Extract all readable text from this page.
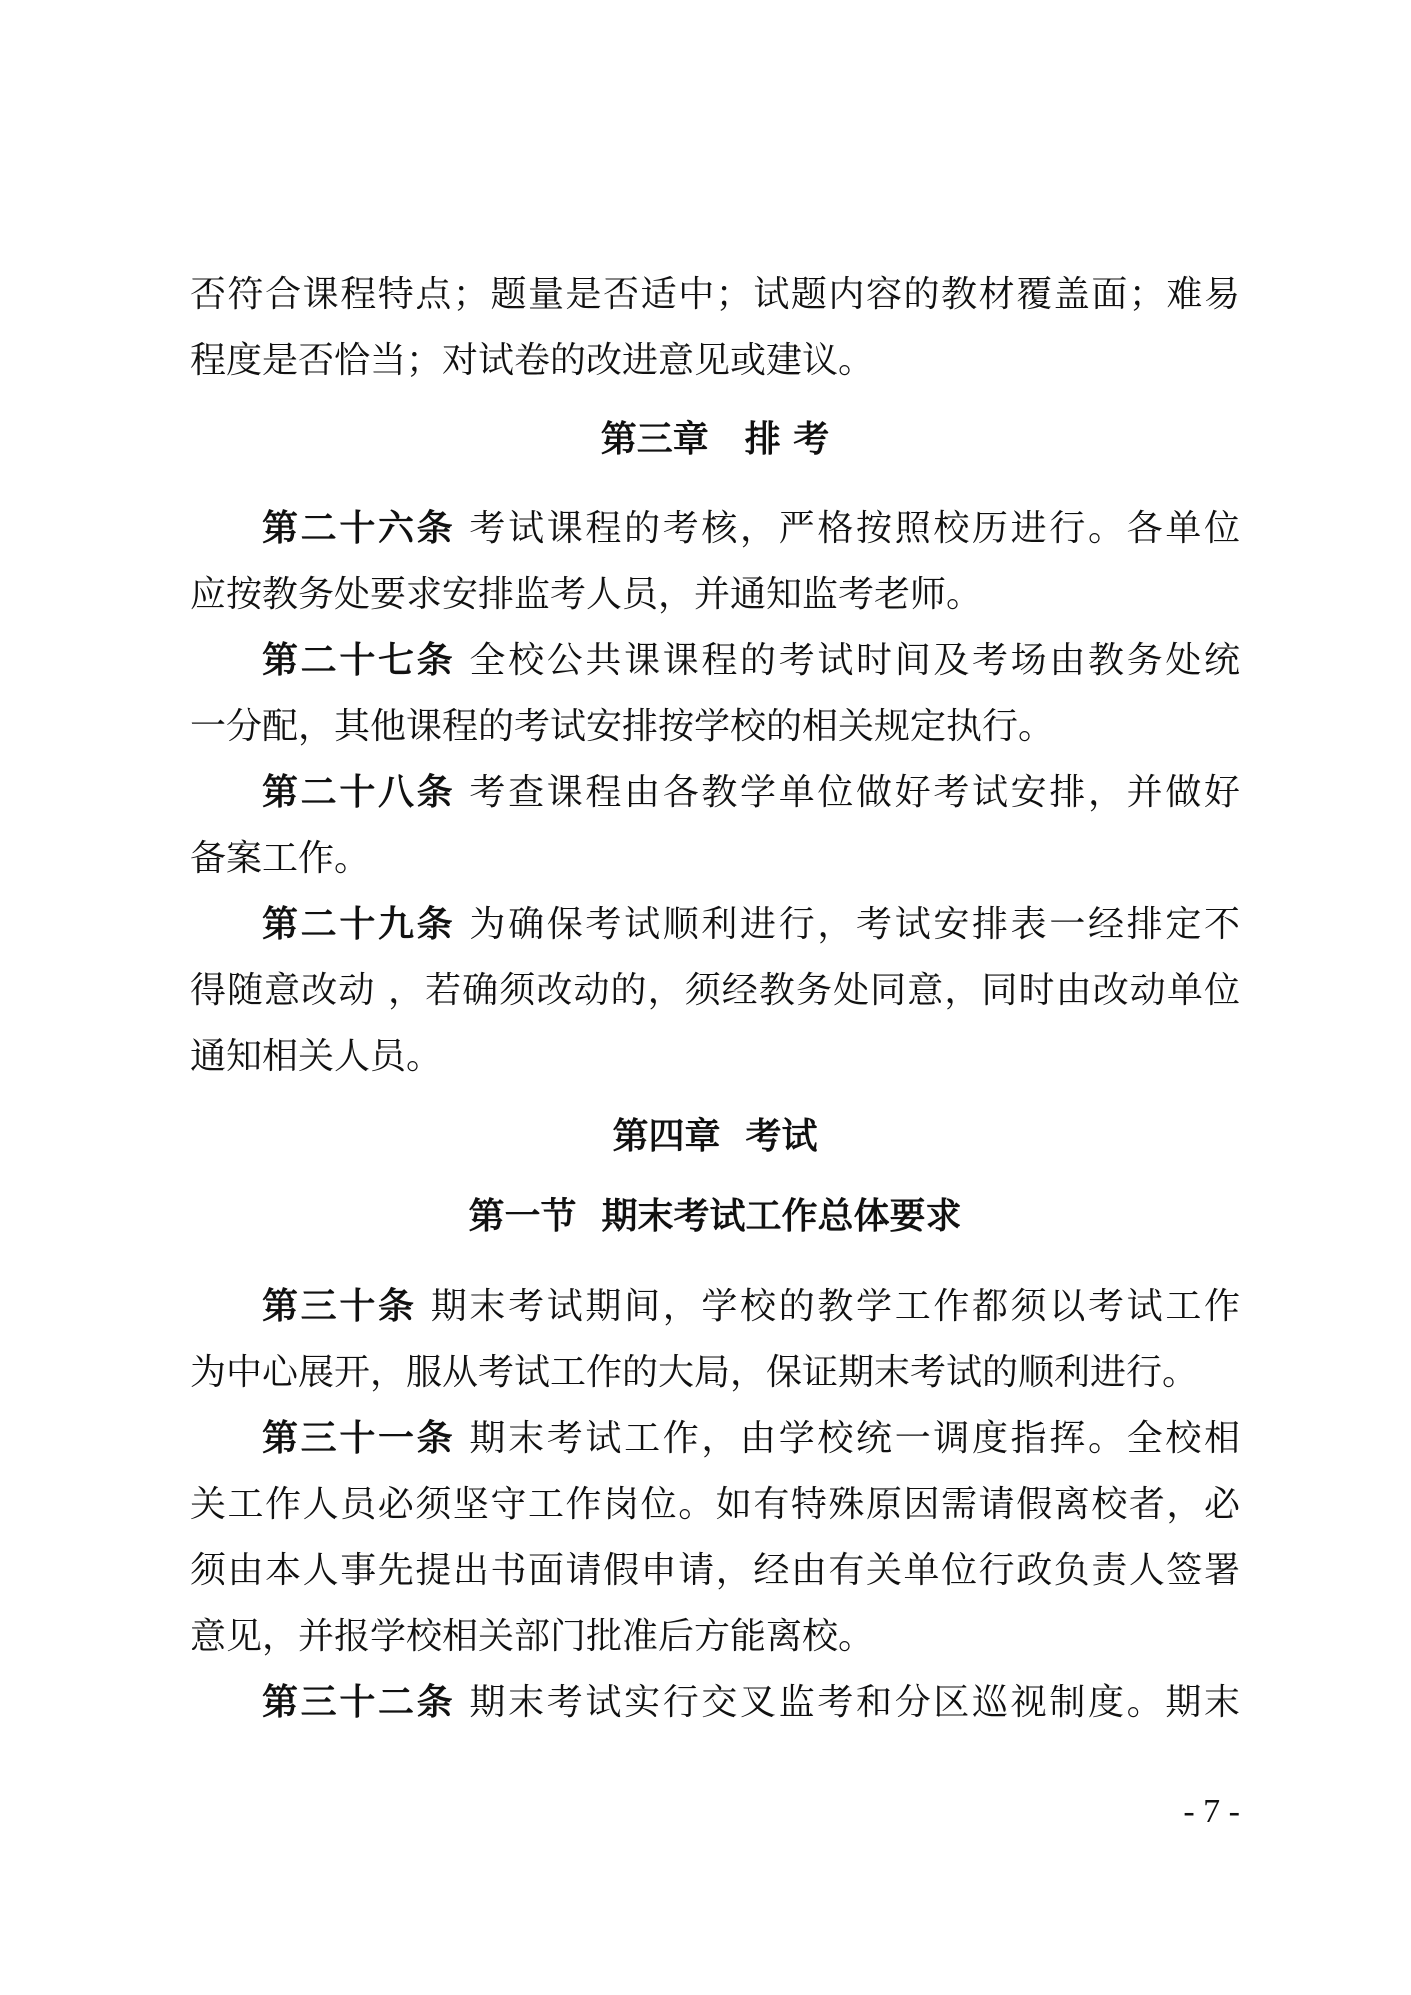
否符合课程特点；题量是否适中；试题内容的教材覆盖面；难易
程度是否恰当；对试卷的改进意见或建议。
第三章　排 考
第二十六条 考试课程的考核，严格按照校历进行。各单位
应按教务处要求安排监考人员，并通知监考老师。
第二十七条 全校公共课课程的考试时间及考场由教务处统
一分配，其他课程的考试安排按学校的相关规定执行。
第二十八条 考查课程由各教学单位做好考试安排，并做好
备案工作。
第二十九条 为确保考试顺利进行，考试安排表一经排定不
得随意改动 ，若确须改动的，须经教务处同意，同时由改动单位
通知相关人员。
第四章  考试
第一节  期末考试工作总体要求
第三十条 期末考试期间，学校的教学工作都须以考试工作
为中心展开，服从考试工作的大局，保证期末考试的顺利进行。
第三十一条 期末考试工作，由学校统一调度指挥。全校相
关工作人员必须坚守工作岗位。如有特殊原因需请假离校者，必
须由本人事先提出书面请假申请，经由有关单位行政负责人签署
意见，并报学校相关部门批准后方能离校。
第三十二条 期末考试实行交叉监考和分区巡视制度。期末
- 7 -
